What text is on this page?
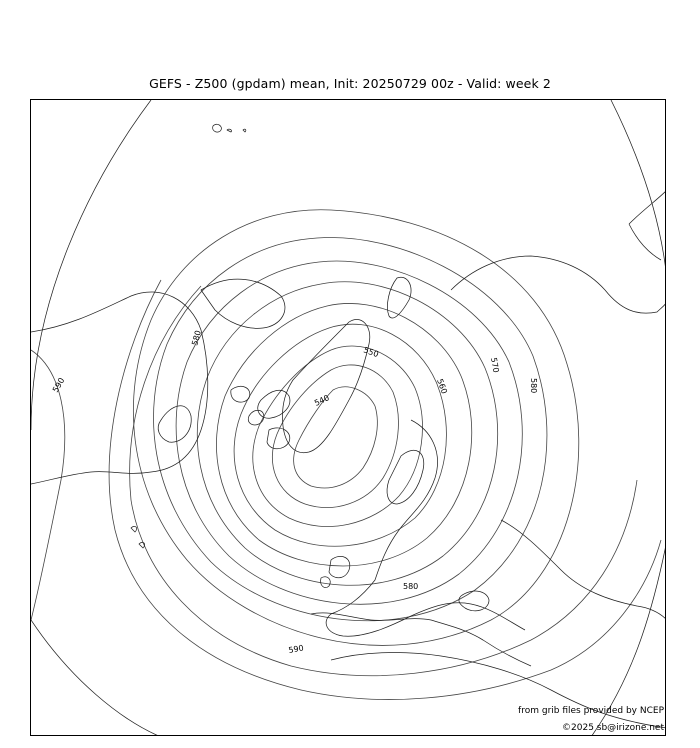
GEFS - Z500 (gpdam) mean, Init: 20250729 00z - Valid: week 2
540
550
560
570
580
580
580
590
590
from grib files provided by NCEP
©2025 sb@irizone.net
